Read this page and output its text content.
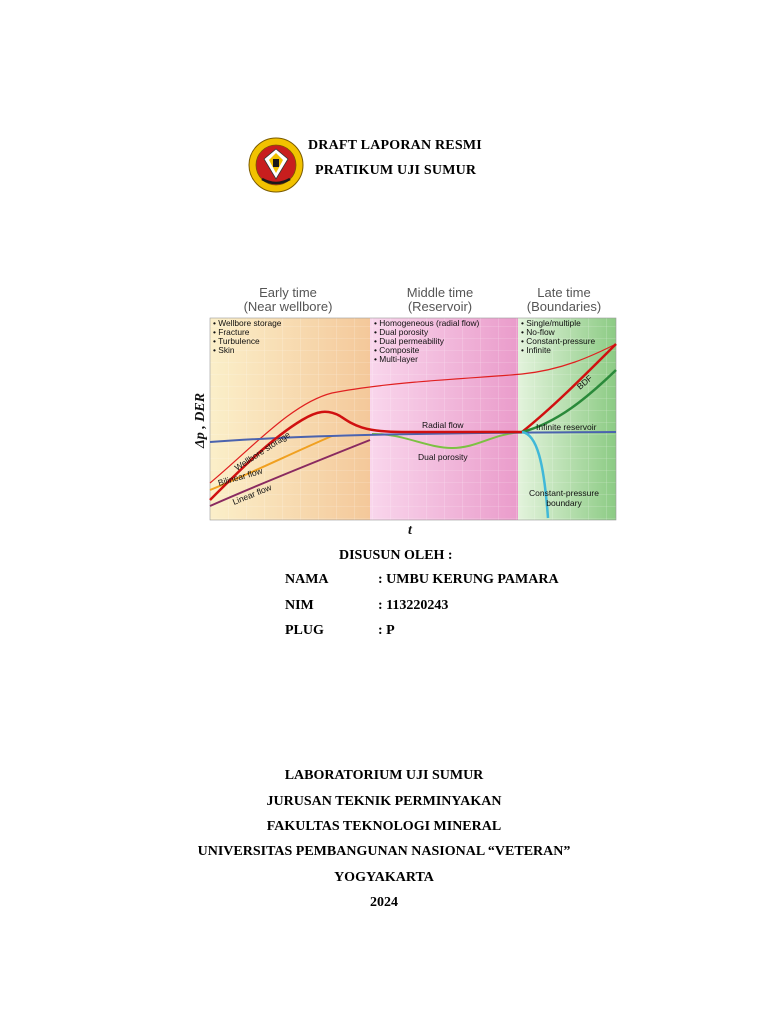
DRAFT LAPORAN RESMI
PRATIKUM UJI SUMUR
Early time
(Near wellbore)
Middle time
(Reservoir)
Late time
(Boundaries)
• Wellbore storage
• Fracture
• Turbulence
• Skin
• Homogeneous (radial flow)
• Dual porosity
• Dual permeability
• Composite
• Multi-layer
• Single/multiple
• No-flow
• Constant-pressure
• Infinite
Wellbore storage
Bilinear flow
Linear flow
Radial flow
Dual porosity
BDF
Infinite reservoir
Constant-pressure
boundary
Δp , DER
t
DISUSUN OLEH :
NAMA	: UMBU KERUNG PAMARA
NIM	: 113220243
PLUG	: P
LABORATORIUM UJI SUMUR
JURUSAN TEKNIK PERMINYAKAN
FAKULTAS TEKNOLOGI MINERAL
UNIVERSITAS PEMBANGUNAN NASIONAL “VETERAN”
YOGYAKARTA
2024
